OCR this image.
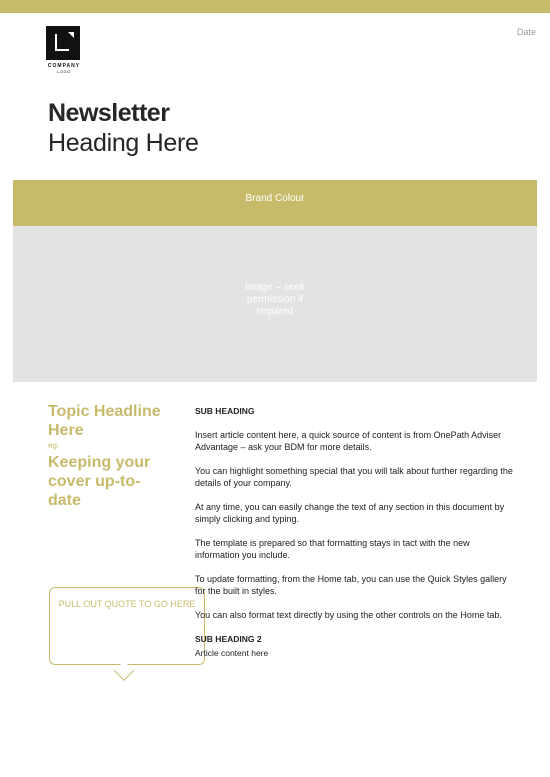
Date
COMPANY
LOGO
Newsletter
Heading Here
Brand Colour
Image – seek permission if required
Topic Headline Here
eg.
Keeping your cover up-to-date
PULL OUT QUOTE TO GO HERE
SUB HEADING

Insert article content here, a quick source of content is from OnePath Adviser Advantage – ask your BDM for more details.

You can highlight something special that you will talk about further regarding the details of your company.

At any time, you can easily change the text of any section in this document by simply clicking and typing.

The template is prepared so that formatting stays in tact with the new information you include.

To update formatting, from the Home tab, you can use the Quick Styles gallery for the built in styles.

You can also format text directly by using the other controls on the Home tab.

SUB HEADING 2
Article content here
